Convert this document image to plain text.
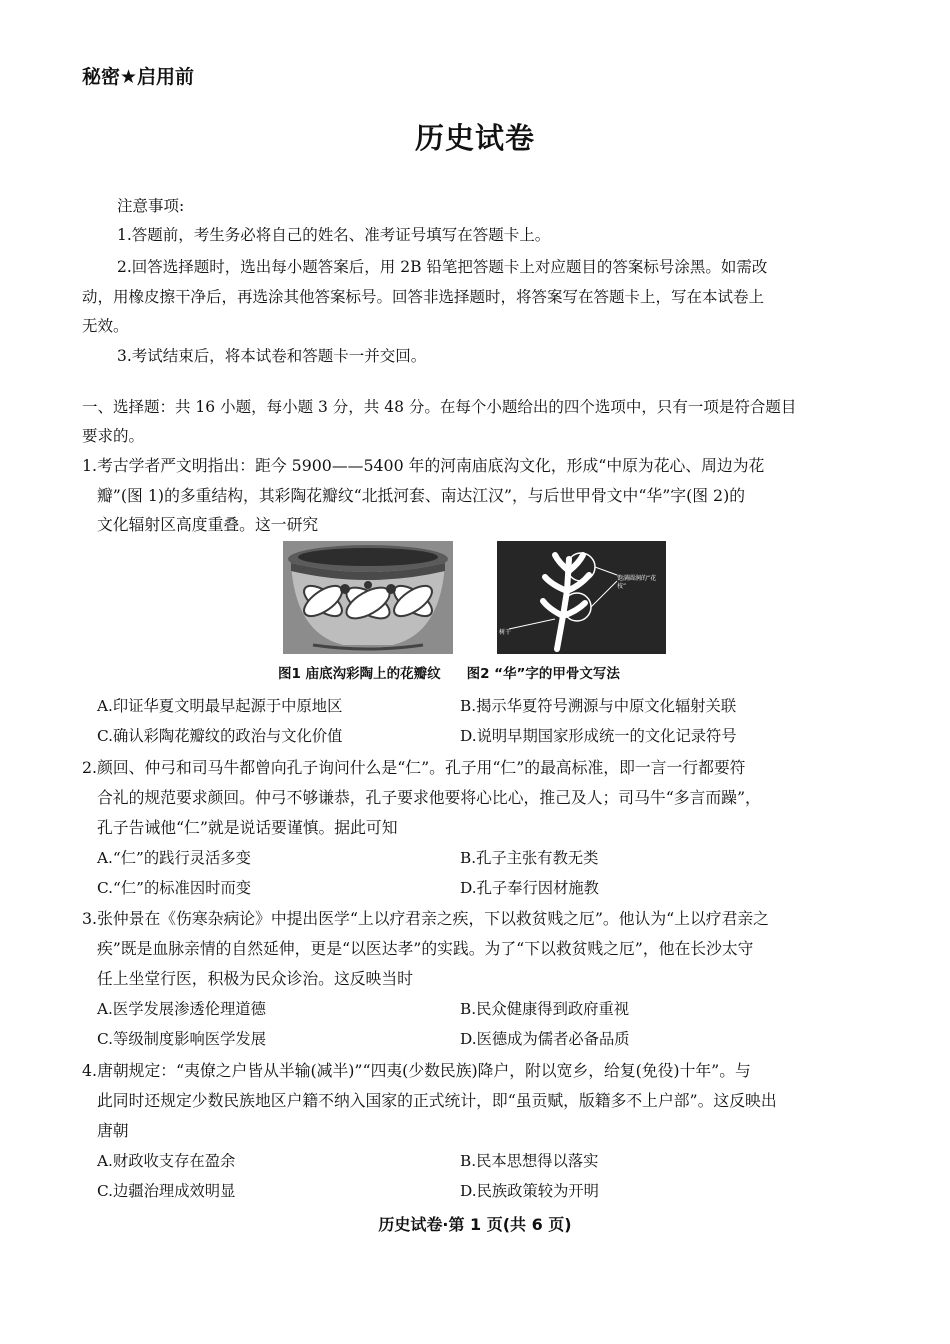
秘密★启用前
历史试卷
注意事项:
1.答题前，考生务必将自己的姓名、准考证号填写在答题卡上。
2.回答选择题时，选出每小题答案后，用 2B 铅笔把答题卡上对应题目的答案标号涂黑。如需改
动，用橡皮擦干净后，再选涂其他答案标号。回答非选择题时，将答案写在答题卡上，写在本试卷上
无效。
3.考试结束后，将本试卷和答题卡一并交回。
一、选择题：共 16 小题，每小题 3 分，共 48 分。在每个小题给出的四个选项中，只有一项是符合题目
要求的。
1.考古学者严文明指出：距今 5900——5400 年的河南庙底沟文化，形成“中原为花心、周边为花
瓣”(图 1)的多重结构，其彩陶花瓣纹“北抵河套、南达江汉”，与后世甲骨文中“华”字(图 2)的
文化辐射区高度重叠。这一研究
饱满圆润的“花枝”
树干
图1 庙底沟彩陶上的花瓣纹 图2 “华”字的甲骨文写法
A.印证华夏文明最早起源于中原地区	B.揭示华夏符号溯源与中原文化辐射关联
C.确认彩陶花瓣纹的政治与文化价值	D.说明早期国家形成统一的文化记录符号
2.颜回、仲弓和司马牛都曾向孔子询问什么是“仁”。孔子用“仁”的最高标准，即一言一行都要符
合礼的规范要求颜回。仲弓不够谦恭，孔子要求他要将心比心，推己及人；司马牛“多言而躁”，
孔子告诫他“仁”就是说话要谨慎。据此可知
A.“仁”的践行灵活多变	B.孔子主张有教无类
C.“仁”的标准因时而变	D.孔子奉行因材施教
3.张仲景在《伤寒杂病论》中提出医学“上以疗君亲之疾，下以救贫贱之厄”。他认为“上以疗君亲之
疾”既是血脉亲情的自然延伸，更是“以医达孝”的实践。为了“下以救贫贱之厄”，他在长沙太守
任上坐堂行医，积极为民众诊治。这反映当时
A.医学发展渗透伦理道德	B.民众健康得到政府重视
C.等级制度影响医学发展	D.医德成为儒者必备品质
4.唐朝规定：“夷僚之户皆从半输(减半)”“四夷(少数民族)降户，附以宽乡，给复(免役)十年”。与
此同时还规定少数民族地区户籍不纳入国家的正式统计，即“虽贡赋，版籍多不上户部”。这反映出
唐朝
A.财政收支存在盈余	B.民本思想得以落实
C.边疆治理成效明显	D.民族政策较为开明
历史试卷·第 1 页(共 6 页)
